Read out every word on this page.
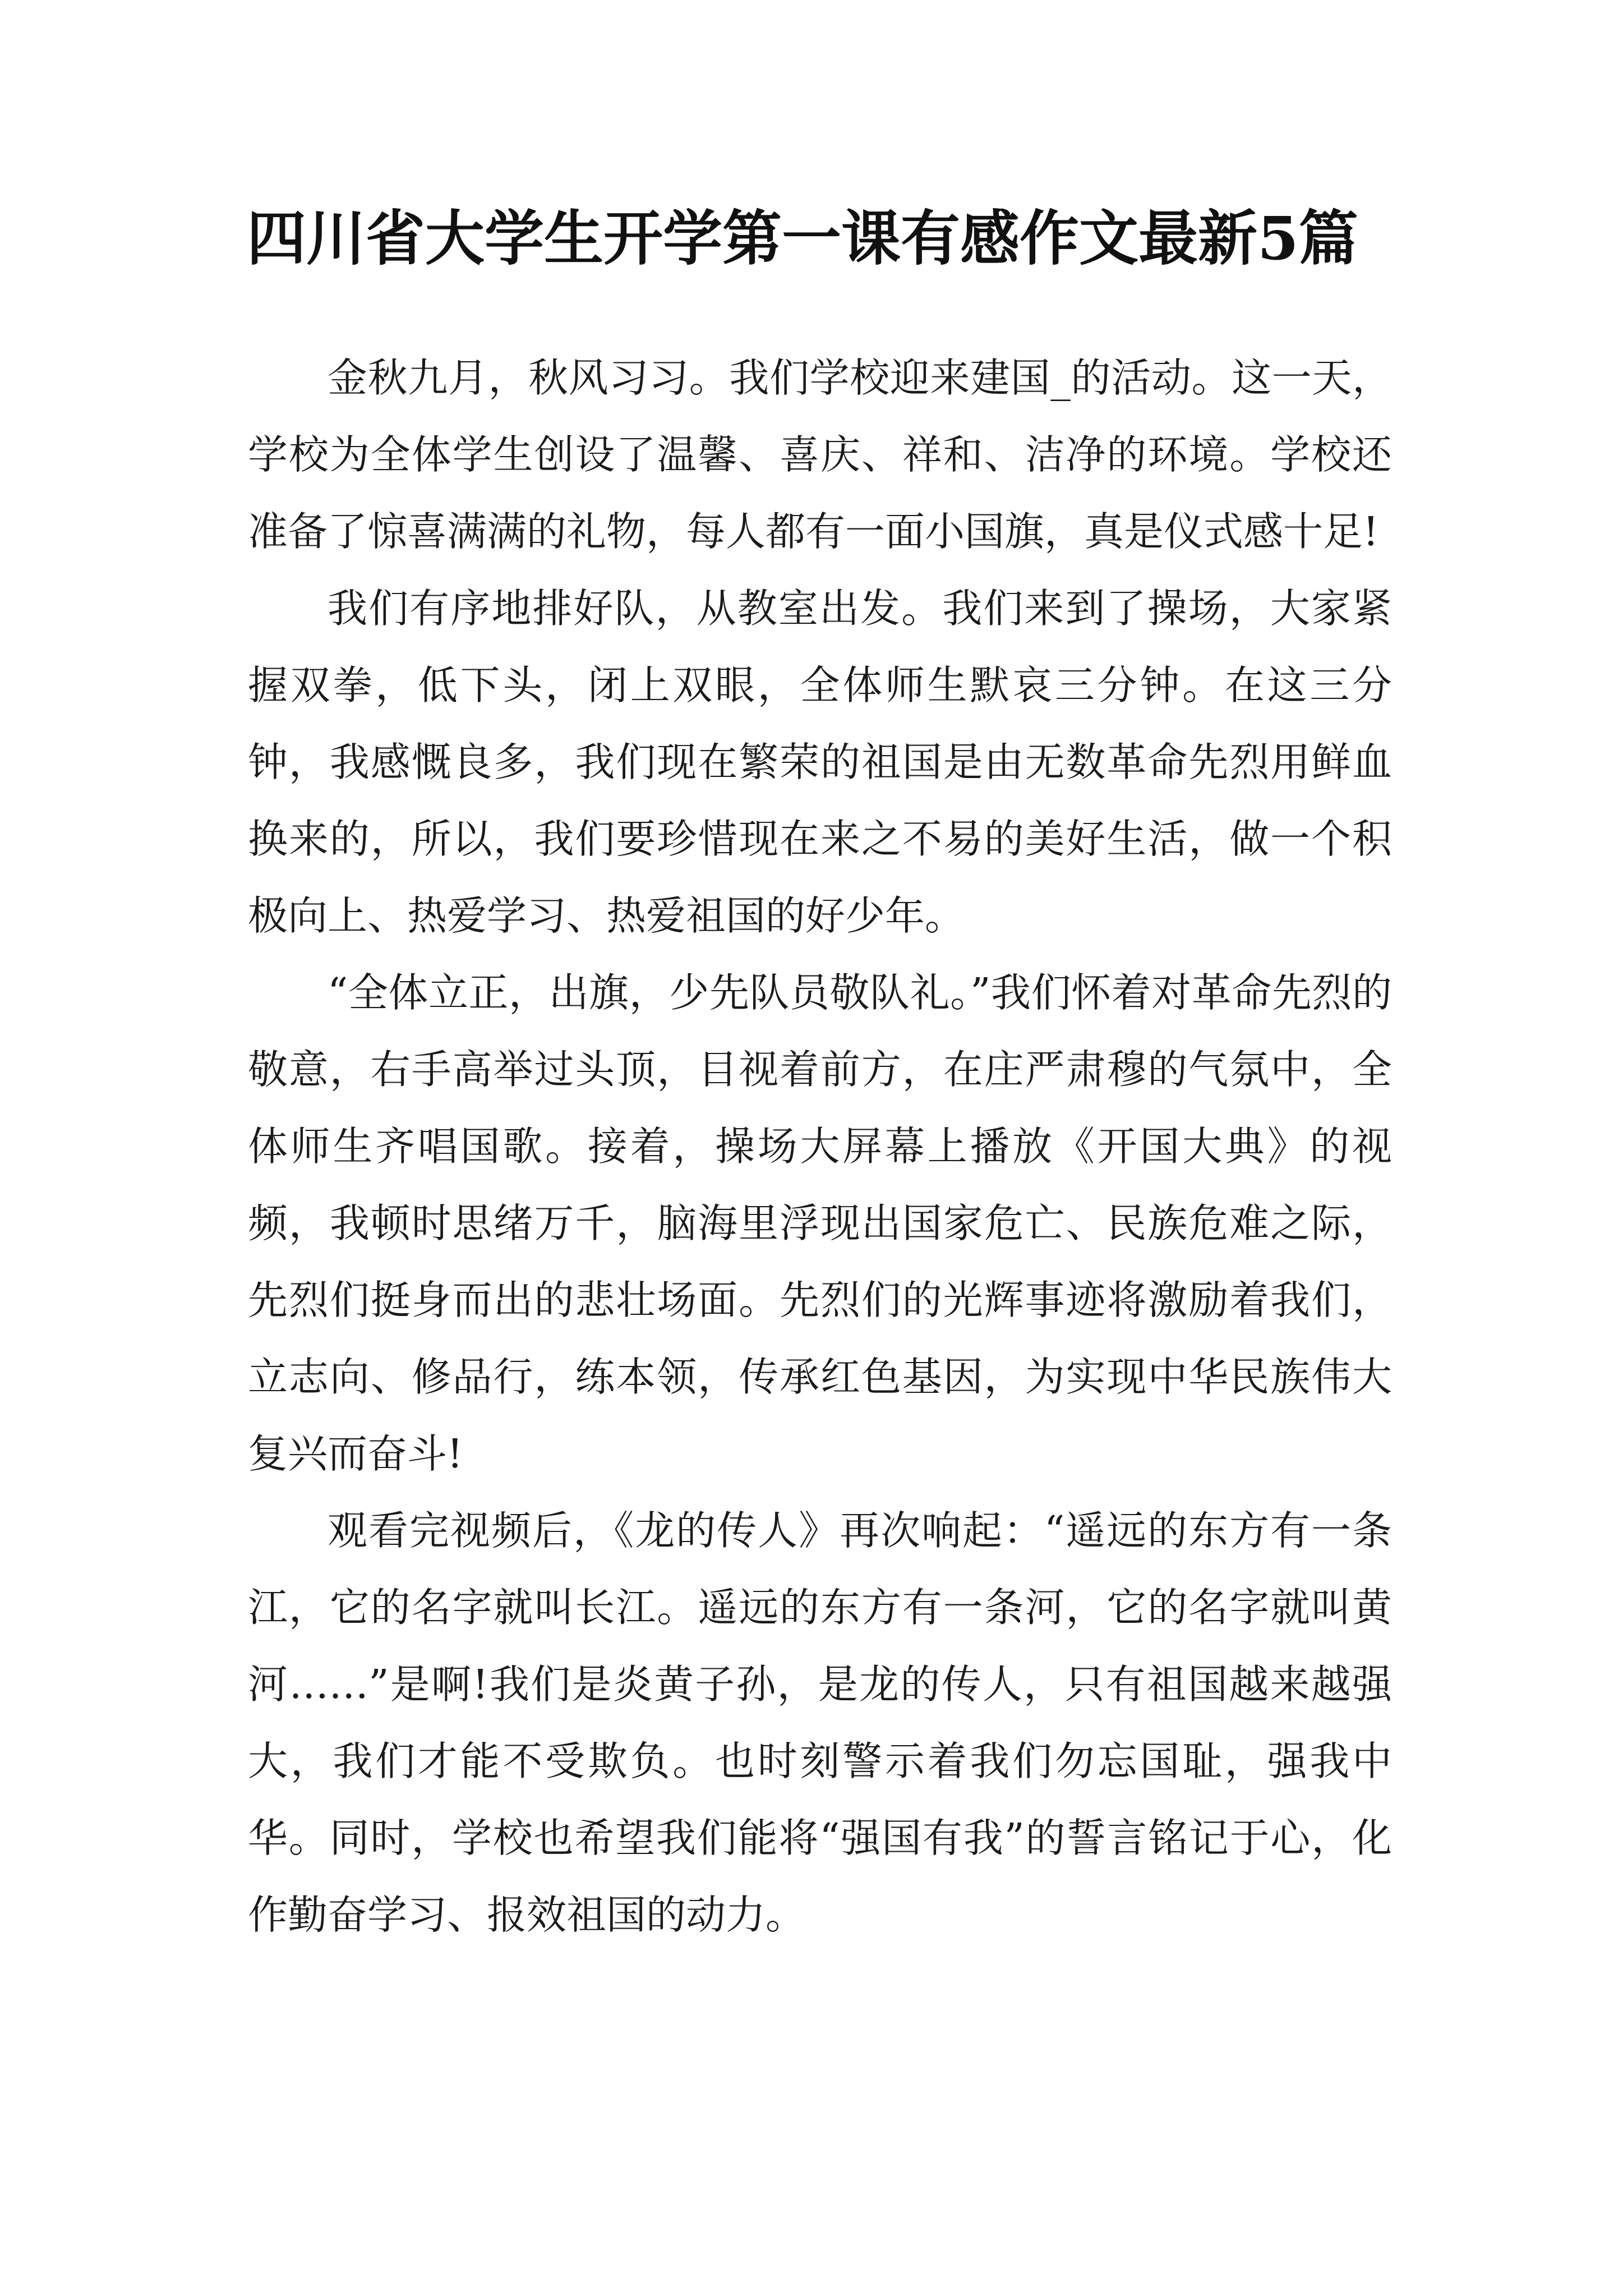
四川省大学生开学第一课有感作文最新5篇

金秋九月，秋风习习。我们学校迎来建国_的活动。这一天，学校为全体学生创设了温馨、喜庆、祥和、洁净的环境。学校还准备了惊喜满满的礼物，每人都有一面小国旗，真是仪式感十足!

我们有序地排好队，从教室出发。我们来到了操场，大家紧握双拳，低下头，闭上双眼，全体师生默哀三分钟。在这三分钟，我感慨良多，我们现在繁荣的祖国是由无数革命先烈用鲜血换来的，所以，我们要珍惜现在来之不易的美好生活，做一个积极向上、热爱学习、热爱祖国的好少年。

“全体立正，出旗，少先队员敬队礼。”我们怀着对革命先烈的敬意，右手高举过头顶，目视着前方，在庄严肃穆的气氛中，全体师生齐唱国歌。接着，操场大屏幕上播放《开国大典》的视频，我顿时思绪万千，脑海里浮现出国家危亡、民族危难之际，先烈们挺身而出的悲壮场面。先烈们的光辉事迹将激励着我们，立志向、修品行，练本领，传承红色基因，为实现中华民族伟大复兴而奋斗!

观看完视频后，《龙的传人》再次响起：“遥远的东方有一条江，它的名字就叫长江。遥远的东方有一条河，它的名字就叫黄河……”是啊!我们是炎黄子孙，是龙的传人，只有祖国越来越强大，我们才能不受欺负。也时刻警示着我们勿忘国耻，强我中华。同时，学校也希望我们能将“强国有我”的誓言铭记于心，化作勤奋学习、报效祖国的动力。
